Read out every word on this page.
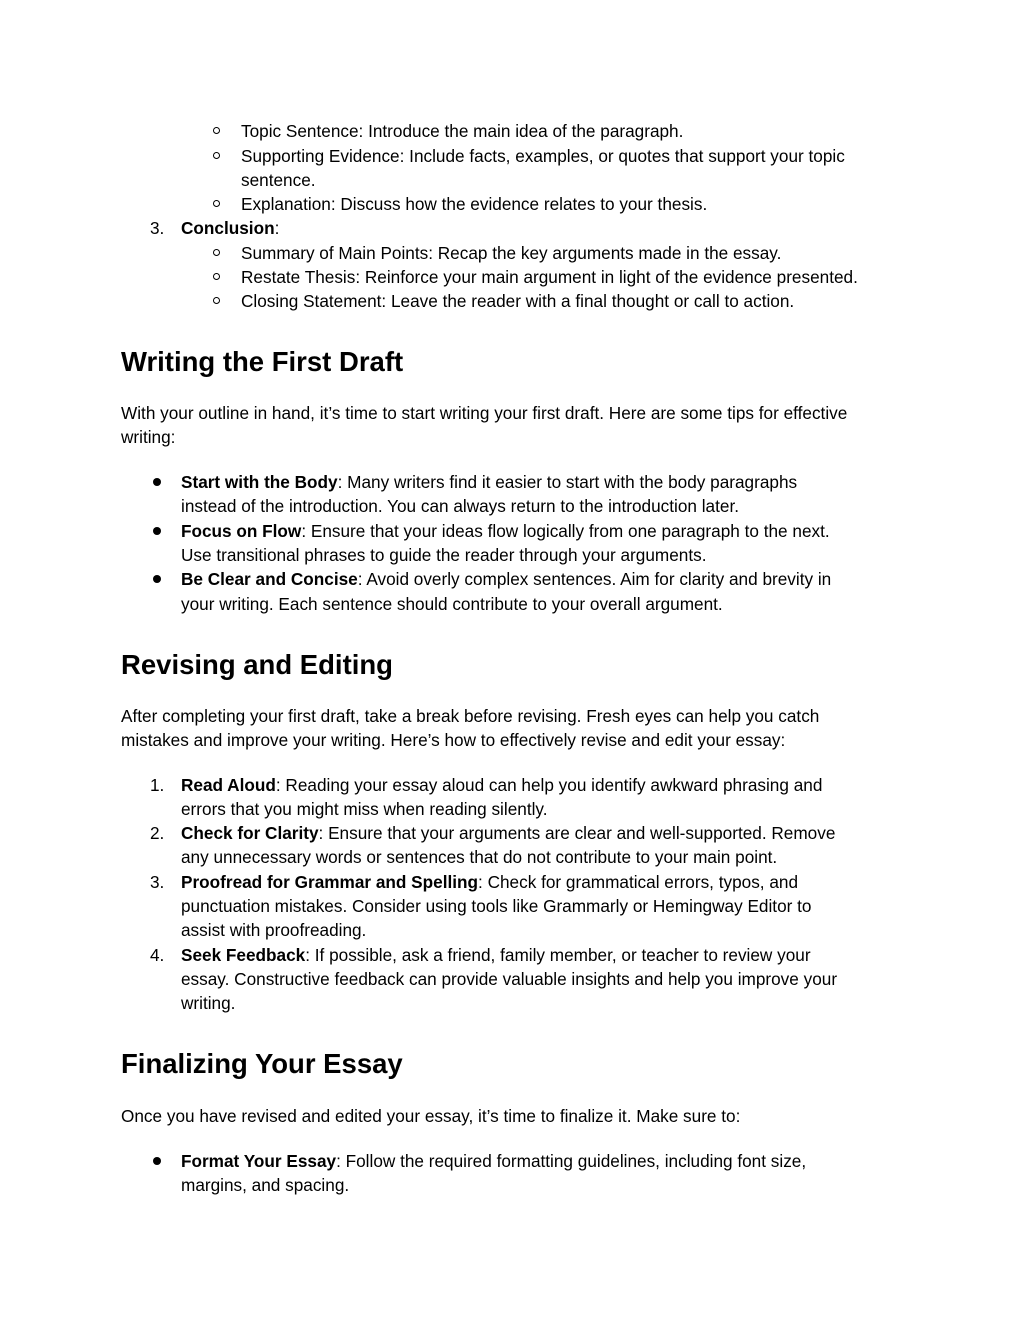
Topic Sentence: Introduce the main idea of the paragraph.
Supporting Evidence: Include facts, examples, or quotes that support your topic
sentence.
Explanation: Discuss how the evidence relates to your thesis.
3. Conclusion:
Summary of Main Points: Recap the key arguments made in the essay.
Restate Thesis: Reinforce your main argument in light of the evidence presented.
Closing Statement: Leave the reader with a final thought or call to action.
Writing the First Draft
With your outline in hand, it’s time to start writing your first draft. Here are some tips for effective
writing:
Start with the Body: Many writers find it easier to start with the body paragraphs
instead of the introduction. You can always return to the introduction later.
Focus on Flow: Ensure that your ideas flow logically from one paragraph to the next.
Use transitional phrases to guide the reader through your arguments.
Be Clear and Concise: Avoid overly complex sentences. Aim for clarity and brevity in
your writing. Each sentence should contribute to your overall argument.
Revising and Editing
After completing your first draft, take a break before revising. Fresh eyes can help you catch
mistakes and improve your writing. Here’s how to effectively revise and edit your essay:
1. Read Aloud: Reading your essay aloud can help you identify awkward phrasing and
errors that you might miss when reading silently.
2. Check for Clarity: Ensure that your arguments are clear and well-supported. Remove
any unnecessary words or sentences that do not contribute to your main point.
3. Proofread for Grammar and Spelling: Check for grammatical errors, typos, and
punctuation mistakes. Consider using tools like Grammarly or Hemingway Editor to
assist with proofreading.
4. Seek Feedback: If possible, ask a friend, family member, or teacher to review your
essay. Constructive feedback can provide valuable insights and help you improve your
writing.
Finalizing Your Essay
Once you have revised and edited your essay, it’s time to finalize it. Make sure to:
Format Your Essay: Follow the required formatting guidelines, including font size,
margins, and spacing.
